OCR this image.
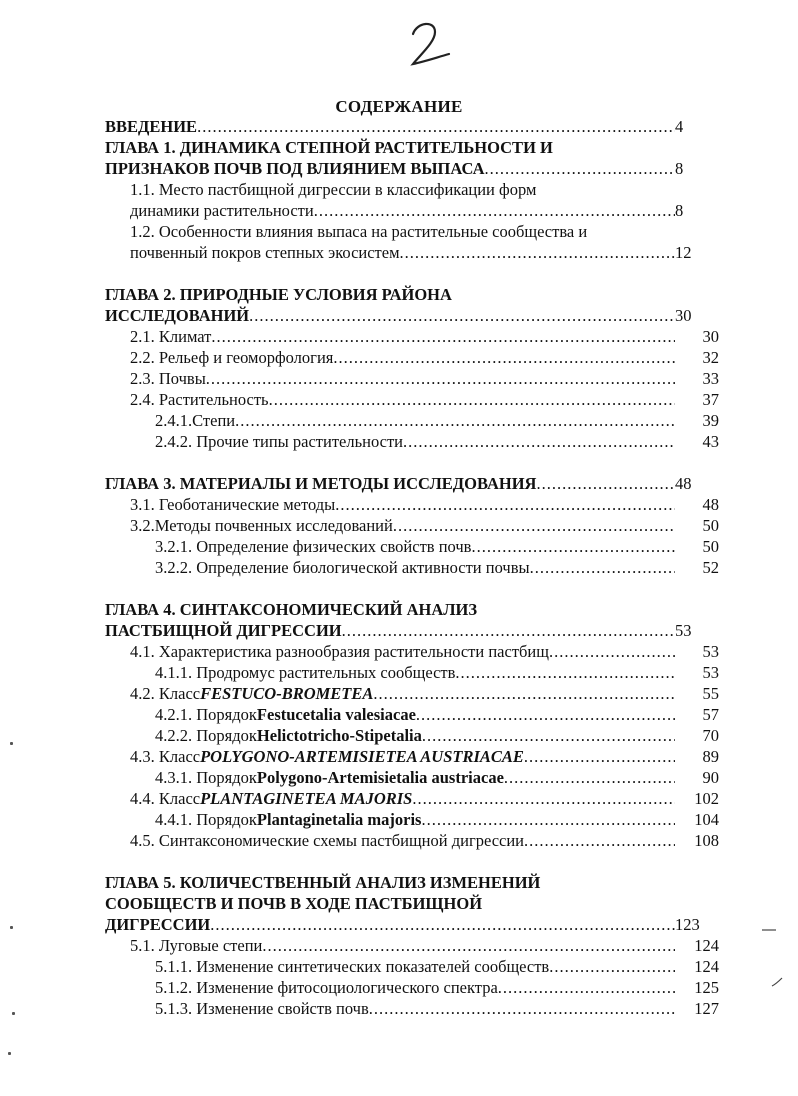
СОДЕРЖАНИЕ
ВВЕДЕНИЕ .....	4
ГЛАВА 1. ДИНАМИКА СТЕПНОЙ РАСТИТЕЛЬНОСТИ И
ПРИЗНАКОВ ПОЧВ ПОД ВЛИЯНИЕМ ВЫПАСА .....	8
1.1. Место пастбищной дигрессии в классификации форм
динамики растительности .....	8
1.2. Особенности влияния выпаса на растительные сообщества и
почвенный покров степных экосистем .....	12
ГЛАВА 2. ПРИРОДНЫЕ УСЛОВИЯ РАЙОНА
ИССЛЕДОВАНИЙ .....	30
2.1. Климат .....	30
2.2. Рельеф и геоморфология .....	32
2.3. Почвы .....	33
2.4. Растительность .....	37
2.4.1.Степи .....	39
2.4.2. Прочие типы растительности .....	43
ГЛАВА 3. МАТЕРИАЛЫ И МЕТОДЫ ИССЛЕДОВАНИЯ .....	48
3.1. Геоботанические методы .....	48
3.2.Методы почвенных исследований .....	50
3.2.1. Определение физических свойств почв .....	50
3.2.2. Определение биологической активности почвы .....	52
ГЛАВА 4. СИНТАКСОНОМИЧЕСКИЙ АНАЛИЗ
ПАСТБИЩНОЙ ДИГРЕССИИ .....	53
4.1. Характеристика разнообразия растительности пастбищ .....	53
4.1.1. Продромус растительных сообществ .....	53
4.2. Класс FESTUCO-BROMETEA .....	55
4.2.1. Порядок Festucetalia valesiacae .....	57
4.2.2. Порядок Helictotricho-Stipetalia .....	70
4.3. Класс POLYGONO-ARTEMISIETEA AUSTRIACAE .....	89
4.3.1. Порядок Polygono-Artemisietalia austriacae .....	90
4.4. Класс PLANTAGINETEA MAJORIS .....	102
4.4.1. Порядок Plantaginetalia majoris .....	104
4.5. Синтаксономические схемы пастбищной дигрессии .....	108
ГЛАВА 5. КОЛИЧЕСТВЕННЫЙ АНАЛИЗ ИЗМЕНЕНИЙ
СООБЩЕСТВ И ПОЧВ В ХОДЕ ПАСТБИЩНОЙ
ДИГРЕССИИ .....	123
5.1. Луговые степи .....	124
5.1.1. Изменение синтетических показателей сообществ .....	124
5.1.2. Изменение фитосоциологического спектра .....	125
5.1.3. Изменение свойств почв .....	127
